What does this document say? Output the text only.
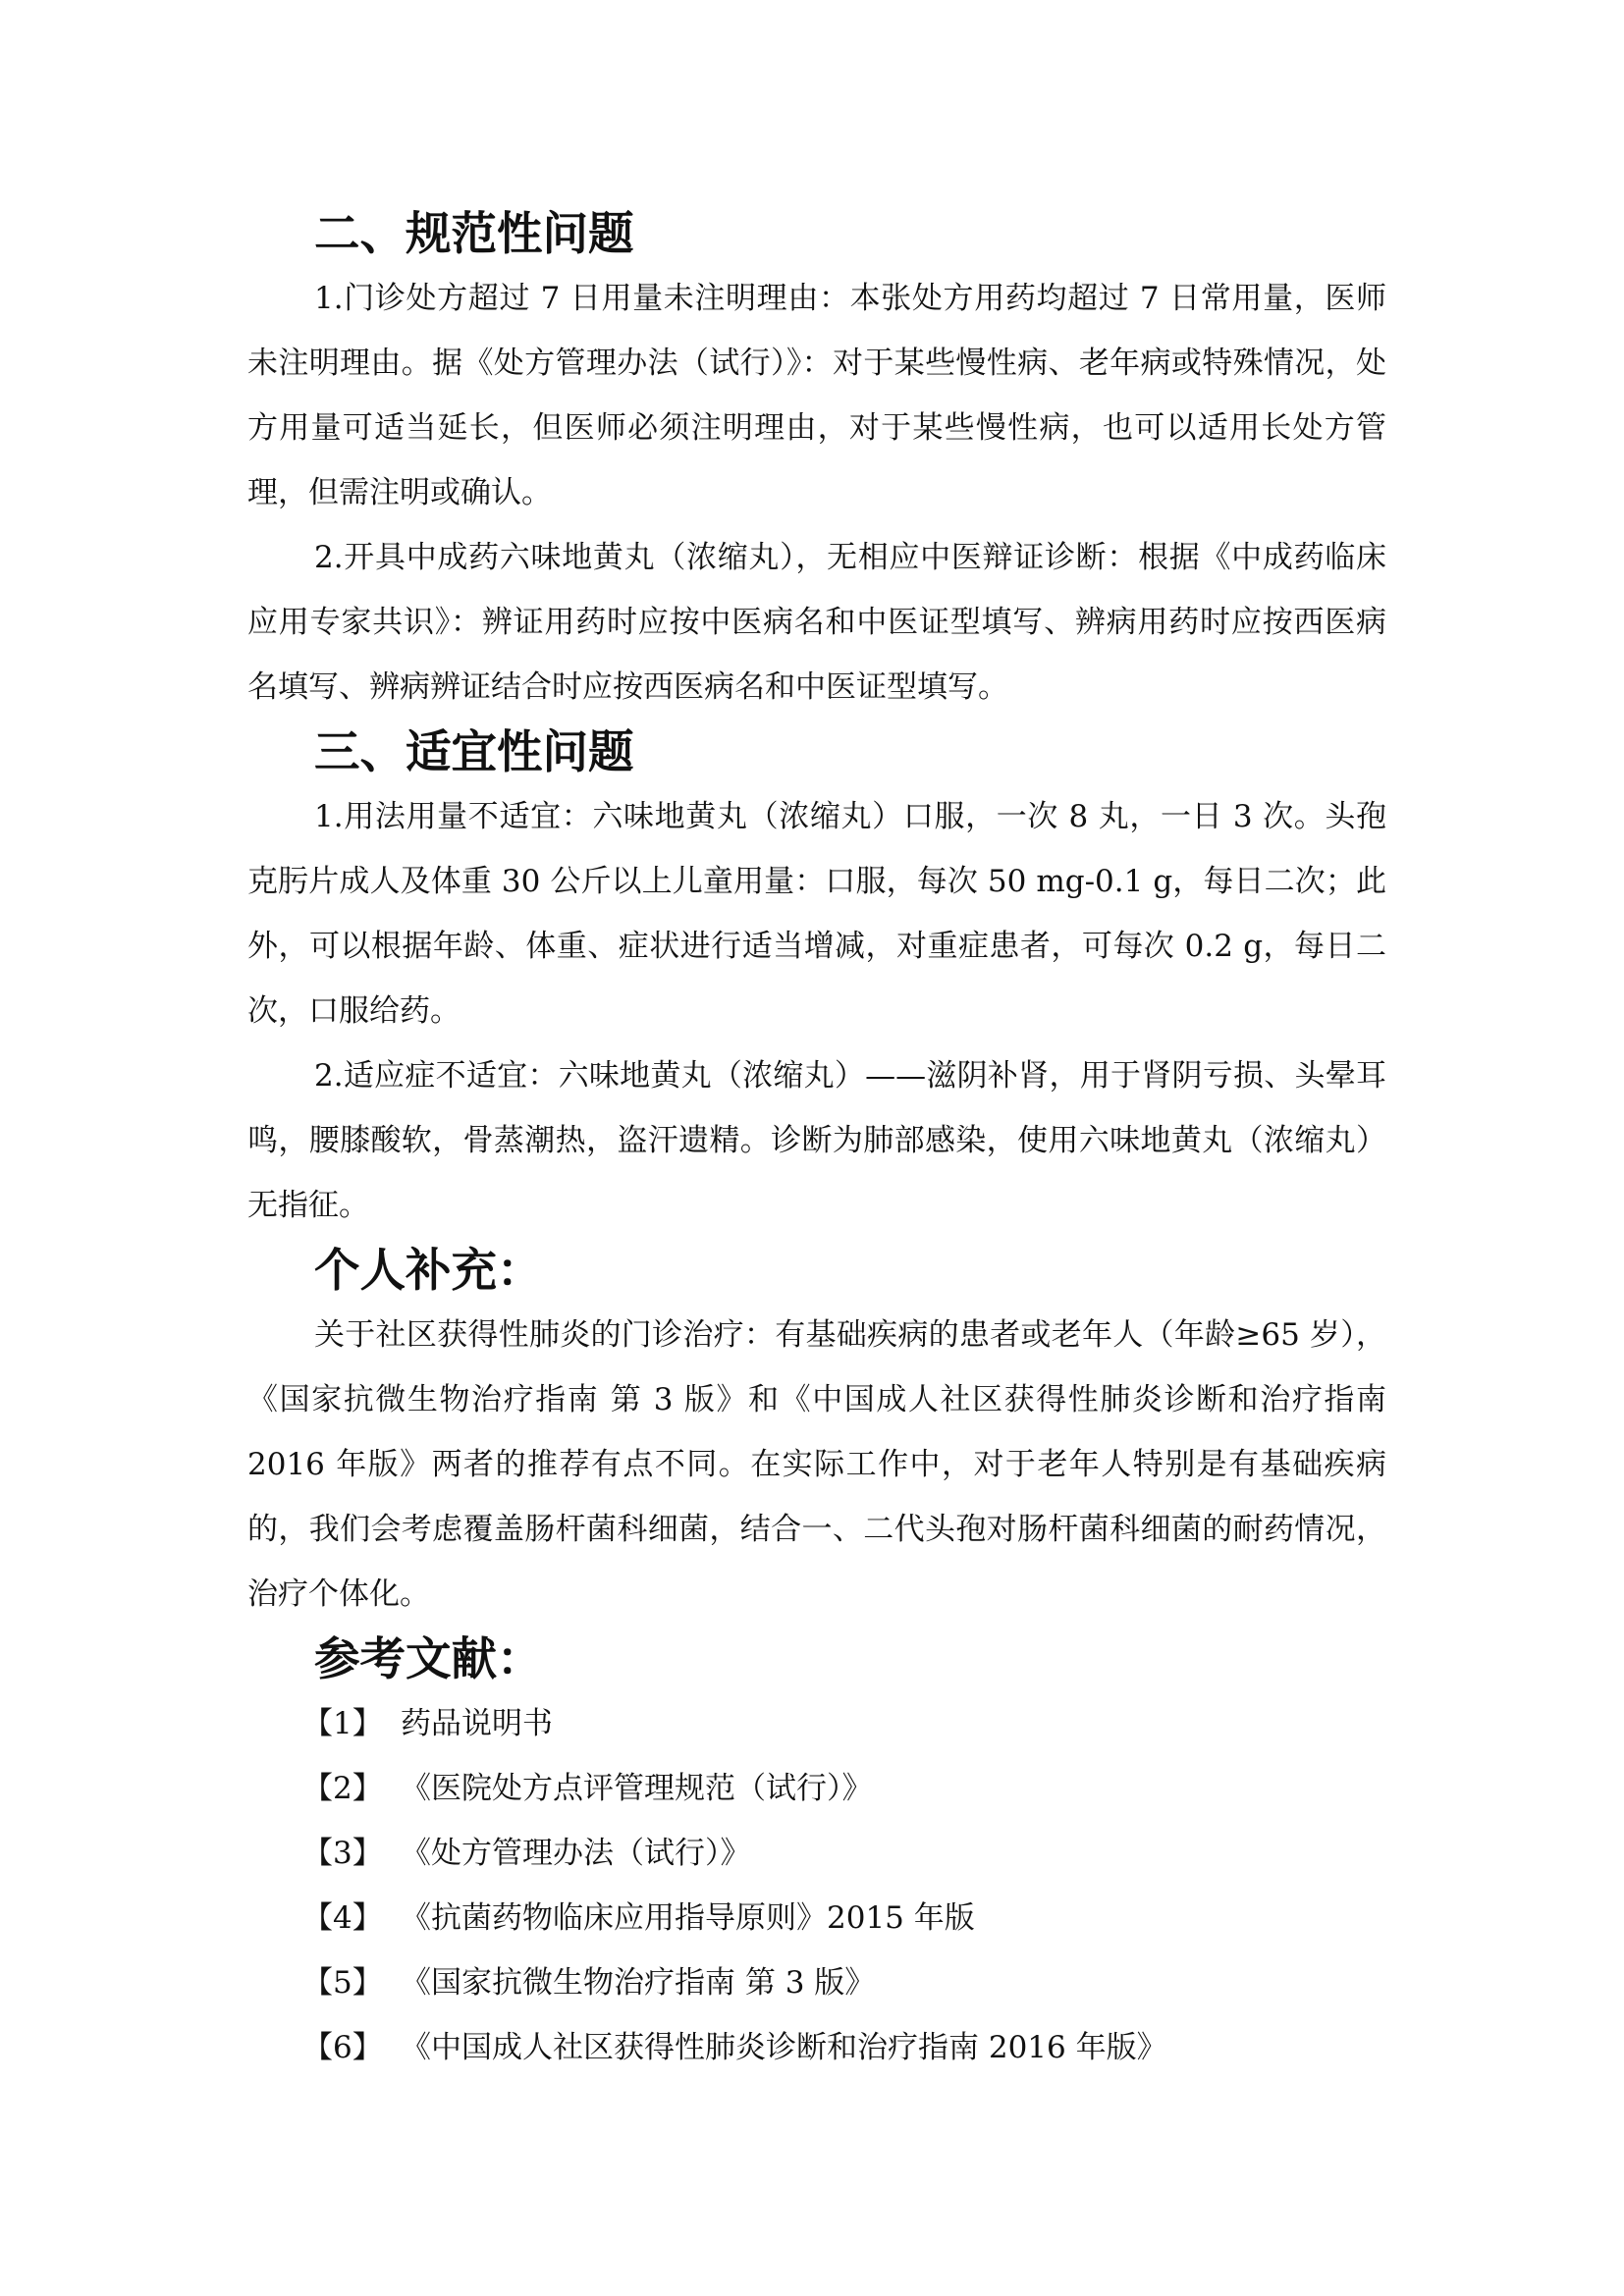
二、规范性问题

1.门诊处方超过 7 日用量未注明理由：本张处方用药均超过 7 日常用量，医师未注明理由。据《处方管理办法（试行）》：对于某些慢性病、老年病或特殊情况，处方用量可适当延长，但医师必须注明理由，对于某些慢性病，也可以适用长处方管理，但需注明或确认。

2.开具中成药六味地黄丸（浓缩丸），无相应中医辩证诊断：根据《中成药临床应用专家共识》：辨证用药时应按中医病名和中医证型填写、辨病用药时应按西医病名填写、辨病辨证结合时应按西医病名和中医证型填写。

三、适宜性问题

1.用法用量不适宜：六味地黄丸（浓缩丸）口服，一次 8 丸，一日 3 次。头孢克肟片成人及体重 30 公斤以上儿童用量：口服，每次 50 mg-0.1 g，每日二次；此外，可以根据年龄、体重、症状进行适当增减，对重症患者，可每次 0.2 g，每日二次，口服给药。

2.适应症不适宜：六味地黄丸（浓缩丸）——滋阴补肾，用于肾阴亏损、头晕耳鸣，腰膝酸软，骨蒸潮热，盗汗遗精。诊断为肺部感染，使用六味地黄丸（浓缩丸）无指征。

个人补充：

关于社区获得性肺炎的门诊治疗：有基础疾病的患者或老年人（年龄≥65 岁），《国家抗微生物治疗指南 第 3 版》和《中国成人社区获得性肺炎诊断和治疗指南 2016 年版》两者的推荐有点不同。在实际工作中，对于老年人特别是有基础疾病的，我们会考虑覆盖肠杆菌科细菌，结合一、二代头孢对肠杆菌科细菌的耐药情况，治疗个体化。

参考文献：
【1】 药品说明书
【2】 《医院处方点评管理规范（试行）》
【3】 《处方管理办法（试行）》
【4】 《抗菌药物临床应用指导原则》2015 年版
【5】 《国家抗微生物治疗指南 第 3 版》
【6】 《中国成人社区获得性肺炎诊断和治疗指南 2016 年版》
